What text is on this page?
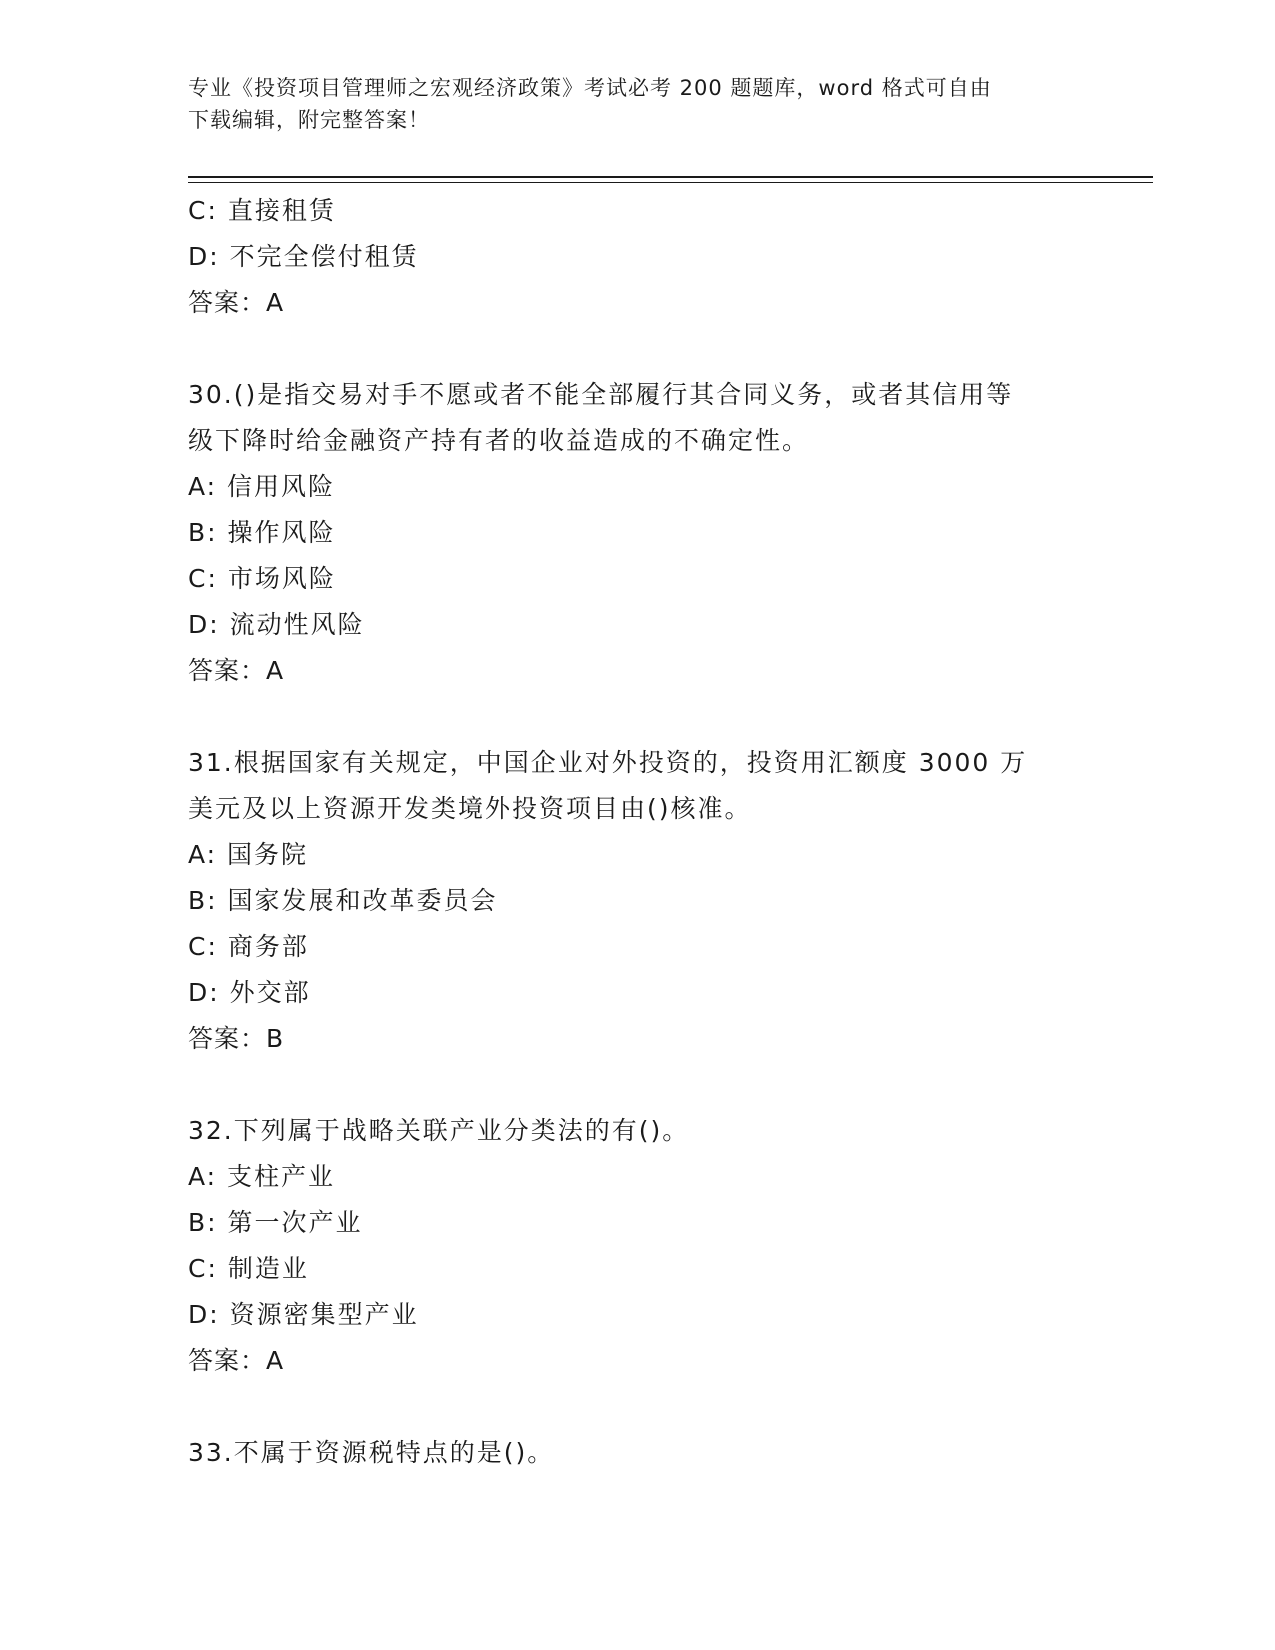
专业《投资项目管理师之宏观经济政策》考试必考 200 题题库，word 格式可自由
下载编辑，附完整答案！
C: 直接租赁
D: 不完全偿付租赁
答案：A
30.()是指交易对手不愿或者不能全部履行其合同义务，或者其信用等
级下降时给金融资产持有者的收益造成的不确定性。
A: 信用风险
B: 操作风险
C: 市场风险
D: 流动性风险
答案：A
31.根据国家有关规定，中国企业对外投资的，投资用汇额度 3000 万
美元及以上资源开发类境外投资项目由()核准。
A: 国务院
B: 国家发展和改革委员会
C: 商务部
D: 外交部
答案：B
32.下列属于战略关联产业分类法的有()。
A: 支柱产业
B: 第一次产业
C: 制造业
D: 资源密集型产业
答案：A
33.不属于资源税特点的是()。
